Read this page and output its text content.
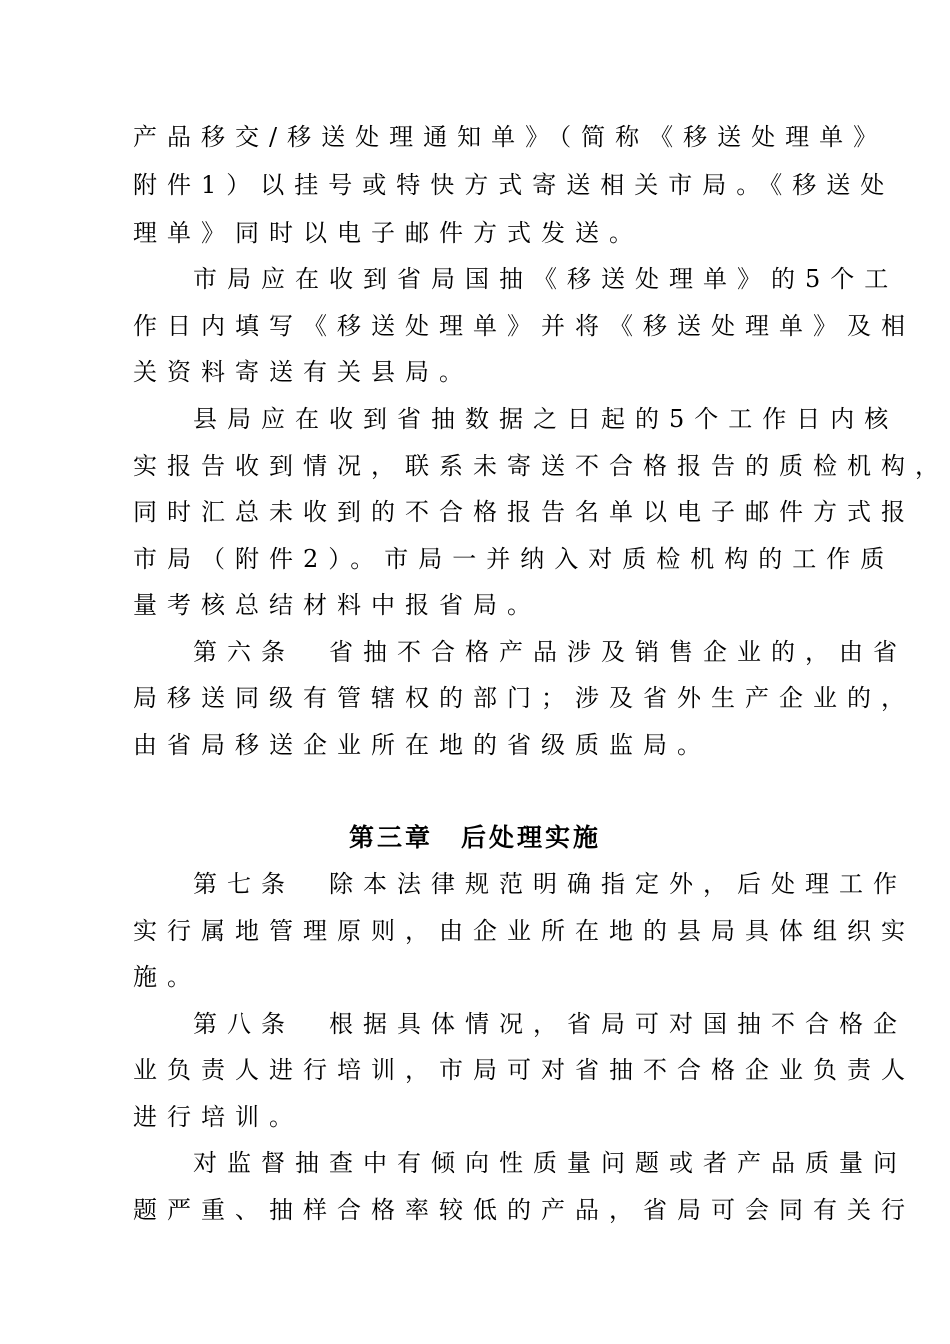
产品移交/移送处理通知单》（简称《移送处理单》
附件1）以挂号或特快方式寄送相关市局。《移送处
理单》同时以电子邮件方式发送。
市局应在收到省局国抽《移送处理单》的5个工
作日内填写《移送处理单》并将《移送处理单》及相
关资料寄送有关县局。
县局应在收到省抽数据之日起的5个工作日内核
实报告收到情况，联系未寄送不合格报告的质检机构，
同时汇总未收到的不合格报告名单以电子邮件方式报
市局（附件2）。市局一并纳入对质检机构的工作质
量考核总结材料中报省局。
第六条　省抽不合格产品涉及销售企业的，由省
局移送同级有管辖权的部门；涉及省外生产企业的，
由省局移送企业所在地的省级质监局。
第三章　后处理实施
第七条　除本法律规范明确指定外，后处理工作
实行属地管理原则，由企业所在地的县局具体组织实
施。
第八条　根据具体情况，省局可对国抽不合格企
业负责人进行培训，市局可对省抽不合格企业负责人
进行培训。
对监督抽查中有倾向性质量问题或者产品质量问
题严重、抽样合格率较低的产品，省局可会同有关行
